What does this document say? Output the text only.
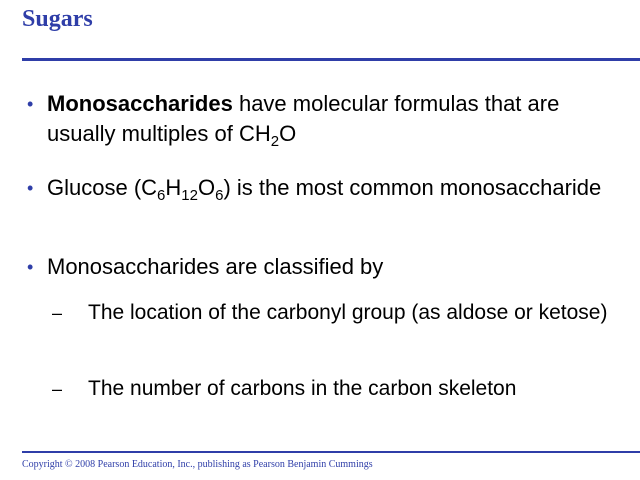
Sugars
• Monosaccharides have molecular formulas that are usually multiples of $CH_2O$

• Glucose $(C_6H_{12}O_6)$ is the most common monosaccharide

• Monosaccharides are classified by

– The location of the carbonyl group (as aldose or ketose)

– The number of carbons in the carbon skeleton

Copyright © 2008 Pearson Education, Inc., publishing as Pearson Benjamin Cummings
